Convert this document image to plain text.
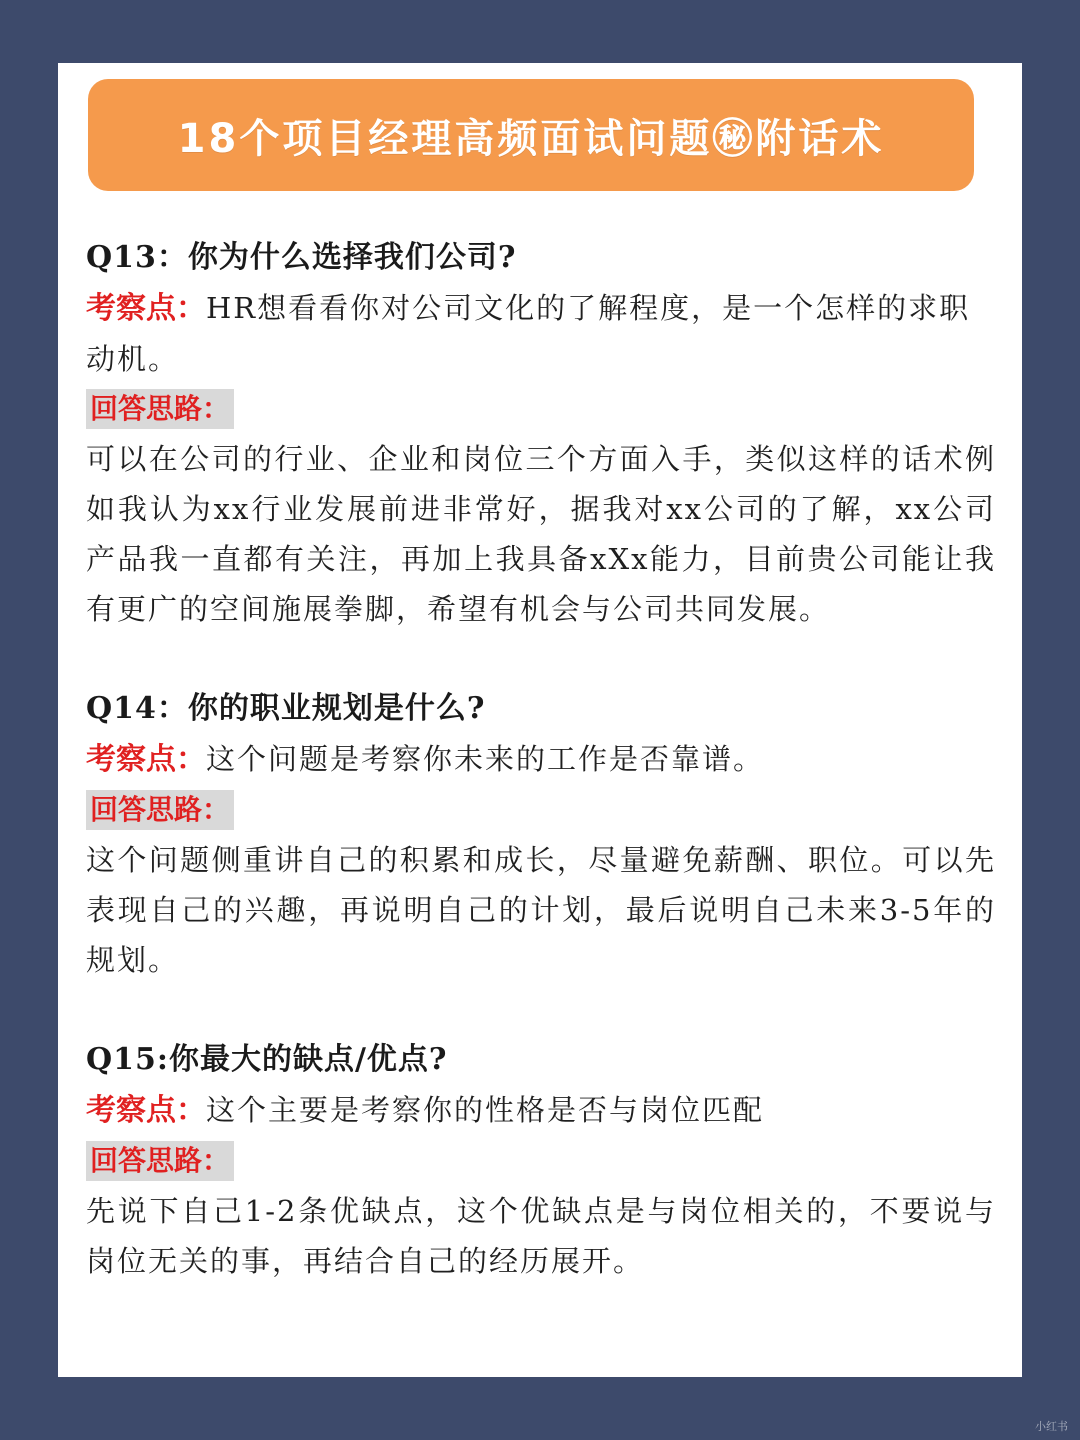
18个项目经理高频面试问题㊙附话术
Q13：你为什么选择我们公司?
考察点：HR想看看你对公司文化的了解程度，是一个怎样的求职动机。
回答思路：
可以在公司的行业、企业和岗位三个方面入手，类似这样的话术例如我认为xx行业发展前进非常好，据我对xx公司的了解，xx公司产品我一直都有关注，再加上我具备xXx能力，目前贵公司能让我有更广的空间施展拳脚，希望有机会与公司共同发展。
Q14：你的职业规划是什么?
考察点：这个问题是考察你未来的工作是否靠谱。
回答思路：
这个问题侧重讲自己的积累和成长，尽量避免薪酬、职位。可以先表现自己的兴趣，再说明自己的计划，最后说明自己未来3-5年的规划。
Q15:你最大的缺点/优点?
考察点：这个主要是考察你的性格是否与岗位匹配
回答思路：
先说下自己1-2条优缺点，这个优缺点是与岗位相关的，不要说与岗位无关的事，再结合自己的经历展开。
小红书
